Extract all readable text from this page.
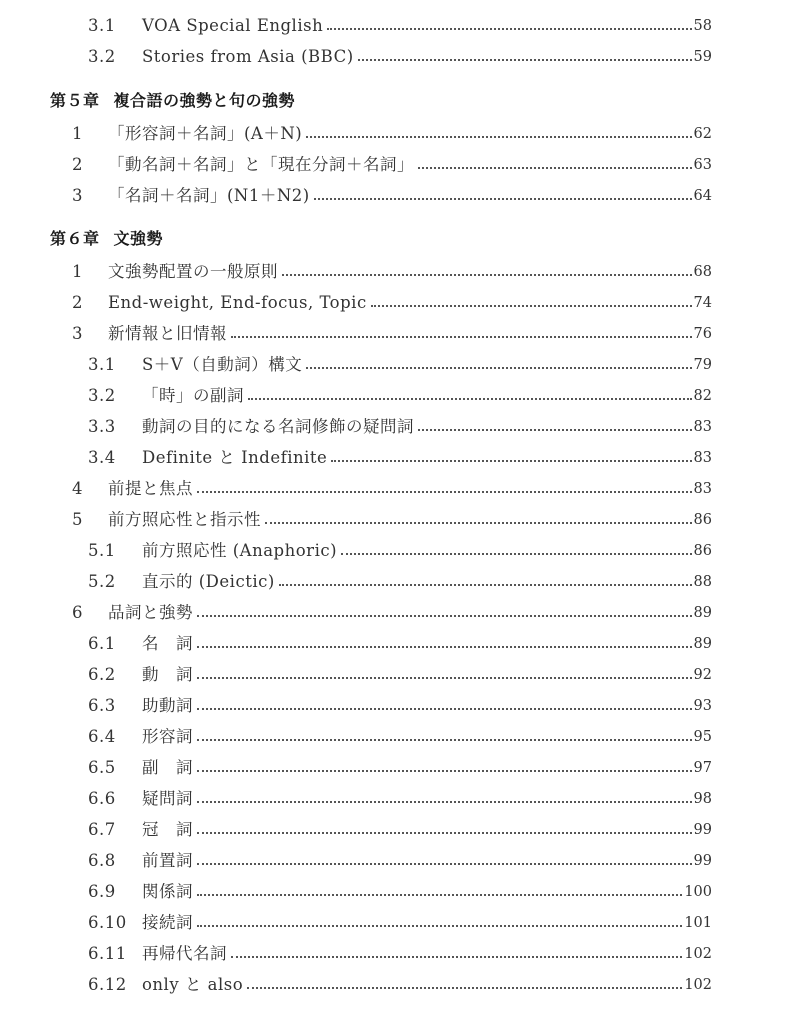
3.1	VOA Special English	58
3.2	Stories from Asia (BBC)	59
第５章 複合語の強勢と句の強勢
1	「形容詞＋名詞」(A＋N)	62
2	「動名詞＋名詞」と「現在分詞＋名詞」	63
3	「名詞＋名詞」(N1＋N2)	64
第６章 文強勢
1	文強勢配置の一般原則	68
2	End-weight, End-focus, Topic	74
3	新情報と旧情報	76
3.1	S＋V（自動詞）構文	79
3.2	「時」の副詞	82
3.3	動詞の目的になる名詞修飾の疑問詞	83
3.4	Definite と Indefinite	83
4	前提と焦点	83
5	前方照応性と指示性	86
5.1	前方照応性 (Anaphoric)	86
5.2	直示的 (Deictic)	88
6	品詞と強勢	89
6.1	名　詞	89
6.2	動　詞	92
6.3	助動詞	93
6.4	形容詞	95
6.5	副　詞	97
6.6	疑問詞	98
6.7	冠　詞	99
6.8	前置詞	99
6.9	関係詞	100
6.10 接続詞	101
6.11 再帰代名詞	102
6.12 only と also	102
